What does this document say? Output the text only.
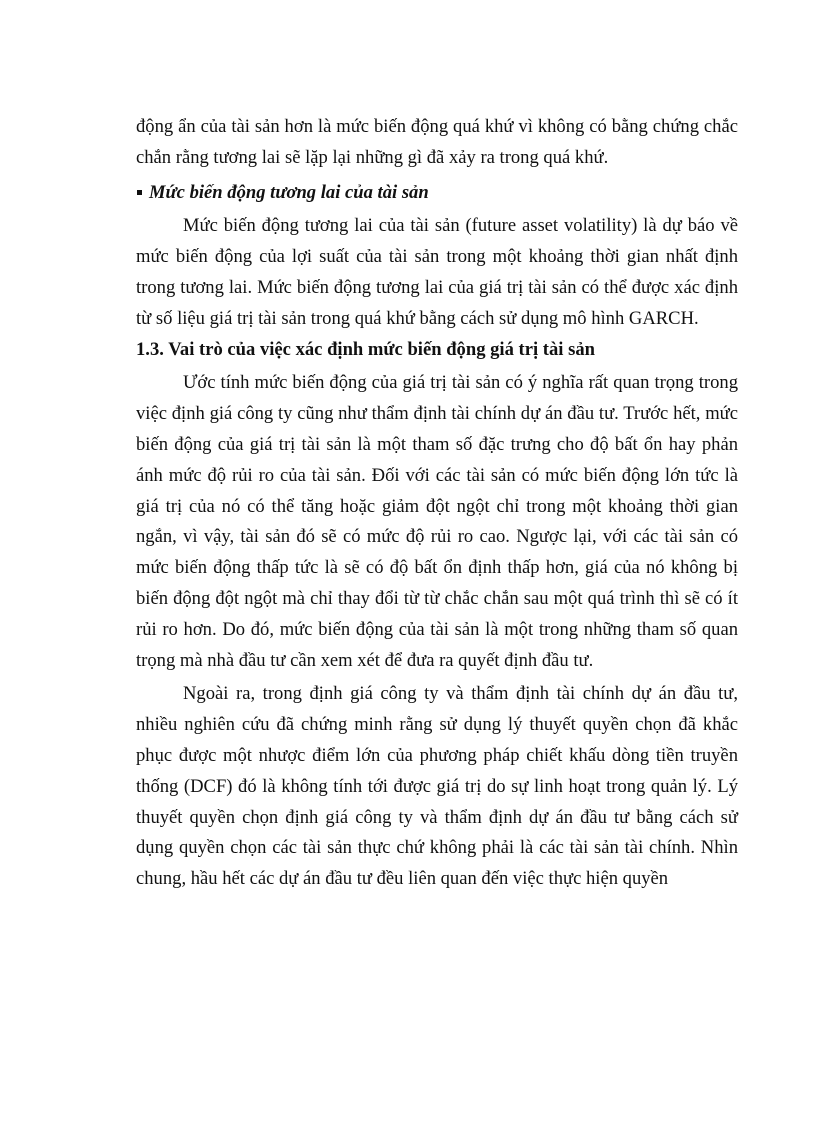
động ẩn của tài sản hơn là mức biến động quá khứ vì không có bằng chứng chắc chắn rằng tương lai sẽ lặp lại những gì đã xảy ra trong quá khứ.

Mức biến động tương lai của tài sản

Mức biến động tương lai của tài sản (future asset volatility) là dự báo về mức biến động của lợi suất của tài sản trong một khoảng thời gian nhất định trong tương lai. Mức biến động tương lai của giá trị tài sản có thể được xác định từ số liệu giá trị tài sản trong quá khứ bằng cách sử dụng mô hình GARCH.

1.3. Vai trò của việc xác định mức biến động giá trị tài sản

Ước tính mức biến động của giá trị tài sản có ý nghĩa rất quan trọng trong việc định giá công ty cũng như thẩm định tài chính dự án đầu tư. Trước hết, mức biến động của giá trị tài sản là một tham số đặc trưng cho độ bất ổn hay phản ánh mức độ rủi ro của tài sản. Đối với các tài sản có mức biến động lớn tức là giá trị của nó có thể tăng hoặc giảm đột ngột chỉ trong một khoảng thời gian ngắn, vì vậy, tài sản đó sẽ có mức độ rủi ro cao. Ngược lại, với các tài sản có mức biến động thấp tức là sẽ có độ bất ổn định thấp hơn, giá của nó không bị biến động đột ngột mà chỉ thay đổi từ từ chắc chắn sau một quá trình thì sẽ có ít rủi ro hơn. Do đó, mức biến động của tài sản là một trong những tham số quan trọng mà nhà đầu tư cần xem xét để đưa ra quyết định đầu tư.

Ngoài ra, trong định giá công ty và thẩm định tài chính dự án đầu tư, nhiều nghiên cứu đã chứng minh rằng sử dụng lý thuyết quyền chọn đã khắc phục được một nhược điểm lớn của phương pháp chiết khấu dòng tiền truyền thống (DCF) đó là không tính tới được giá trị do sự linh hoạt trong quản lý. Lý thuyết quyền chọn định giá công ty và thẩm định dự án đầu tư bằng cách sử dụng quyền chọn các tài sản thực chứ không phải là các tài sản tài chính. Nhìn chung, hầu hết các dự án đầu tư đều liên quan đến việc thực hiện quyền
